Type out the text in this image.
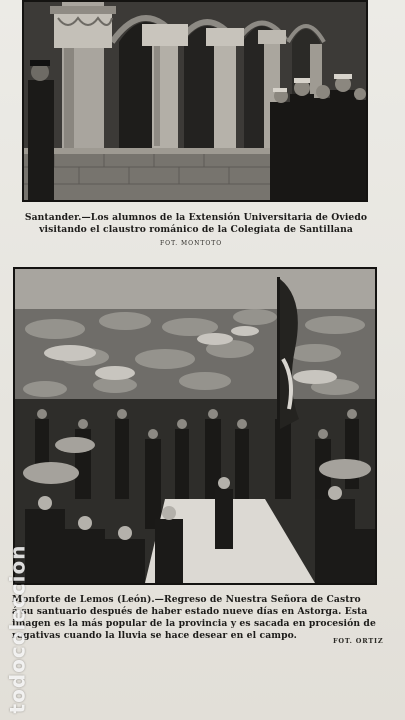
Santander.—Los alumnos de la Extensión Universitaria de Oviedo
visitando el claustro románico de la Colegiata de Santillana
FOT. MONTOTO
Monforte de Lemos (León).—Regreso de Nuestra Señora de Castro
á su santuario después de haber estado nueve días en Astorga. Esta
imagen es la más popular de la provincia y es sacada en procesión de
rogativas cuando la lluvia se hace desear en el campo.	FOT. ORTIZ
todocoleccion
